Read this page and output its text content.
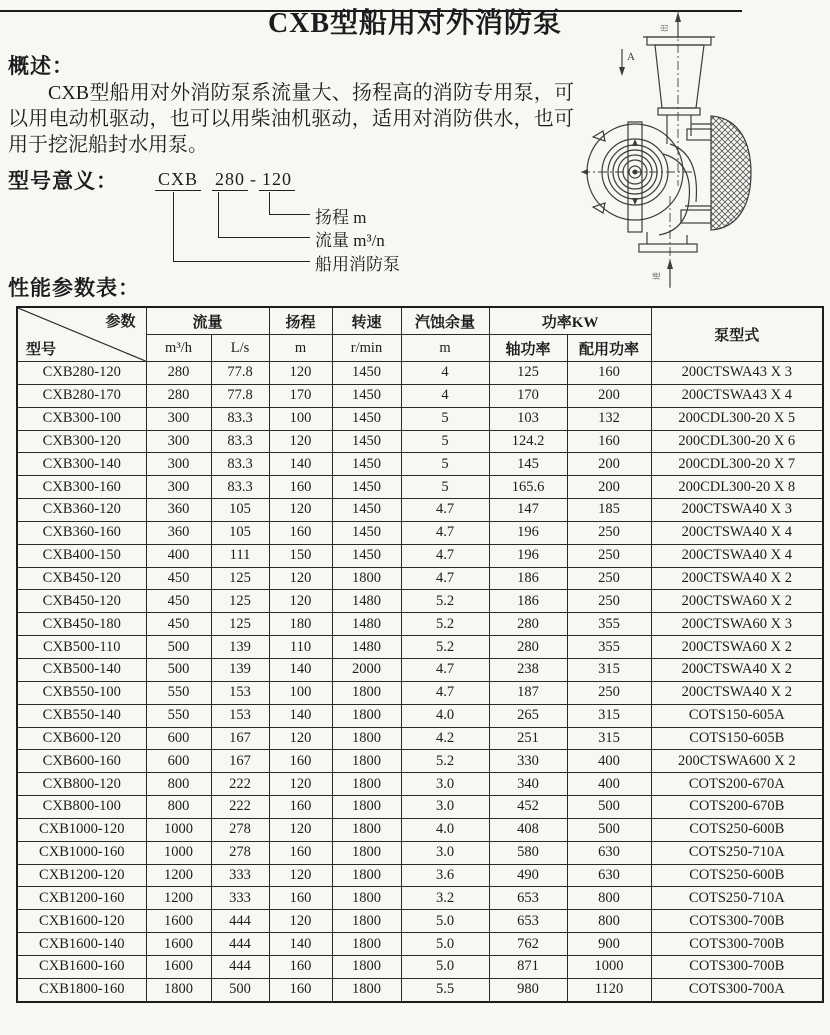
CXB型船用对外消防泵
概述：
CXB型船用对外消防泵系流量大、扬程高的消防专用泵，可以用电动机驱动，也可以用柴油机驱动，适用对消防供水，也可用于挖泥船封水用泵。
型号意义： CXB 280 - 120
扬程 m
流量 m³/n
船用消防泵
出
进
A
性能参数表：
参数
型号	流量		扬程	转速	汽蚀余量	功率KW		泵型式
	m³/h	L/s	m	r/min	m	轴功率	配用功率	
CXB280-120	280	77.8	120	1450	4	125	160	200CTSWA43 X 3
CXB280-170	280	77.8	170	1450	4	170	200	200CTSWA43 X 4
CXB300-100	300	83.3	100	1450	5	103	132	200CDL300-20 X 5
CXB300-120	300	83.3	120	1450	5	124.2	160	200CDL300-20 X 6
CXB300-140	300	83.3	140	1450	5	145	200	200CDL300-20 X 7
CXB300-160	300	83.3	160	1450	5	165.6	200	200CDL300-20 X 8
CXB360-120	360	105	120	1450	4.7	147	185	200CTSWA40 X 3
CXB360-160	360	105	160	1450	4.7	196	250	200CTSWA40 X 4
CXB400-150	400	111	150	1450	4.7	196	250	200CTSWA40 X 4
CXB450-120	450	125	120	1800	4.7	186	250	200CTSWA40 X 2
CXB450-120	450	125	120	1480	5.2	186	250	200CTSWA60 X 2
CXB450-180	450	125	180	1480	5.2	280	355	200CTSWA60 X 3
CXB500-110	500	139	110	1480	5.2	280	355	200CTSWA60 X 2
CXB500-140	500	139	140	2000	4.7	238	315	200CTSWA40 X 2
CXB550-100	550	153	100	1800	4.7	187	250	200CTSWA40 X 2
CXB550-140	550	153	140	1800	4.0	265	315	COTS150-605A
CXB600-120	600	167	120	1800	4.2	251	315	COTS150-605B
CXB600-160	600	167	160	1800	5.2	330	400	200CTSWA600 X 2
CXB800-120	800	222	120	1800	3.0	340	400	COTS200-670A
CXB800-100	800	222	160	1800	3.0	452	500	COTS200-670B
CXB1000-120	1000	278	120	1800	4.0	408	500	COTS250-600B
CXB1000-160	1000	278	160	1800	3.0	580	630	COTS250-710A
CXB1200-120	1200	333	120	1800	3.6	490	630	COTS250-600B
CXB1200-160	1200	333	160	1800	3.2	653	800	COTS250-710A
CXB1600-120	1600	444	120	1800	5.0	653	800	COTS300-700B
CXB1600-140	1600	444	140	1800	5.0	762	900	COTS300-700B
CXB1600-160	1600	444	160	1800	5.0	871	1000	COTS300-700B
CXB1800-160	1800	500	160	1800	5.5	980	1120	COTS300-700A
